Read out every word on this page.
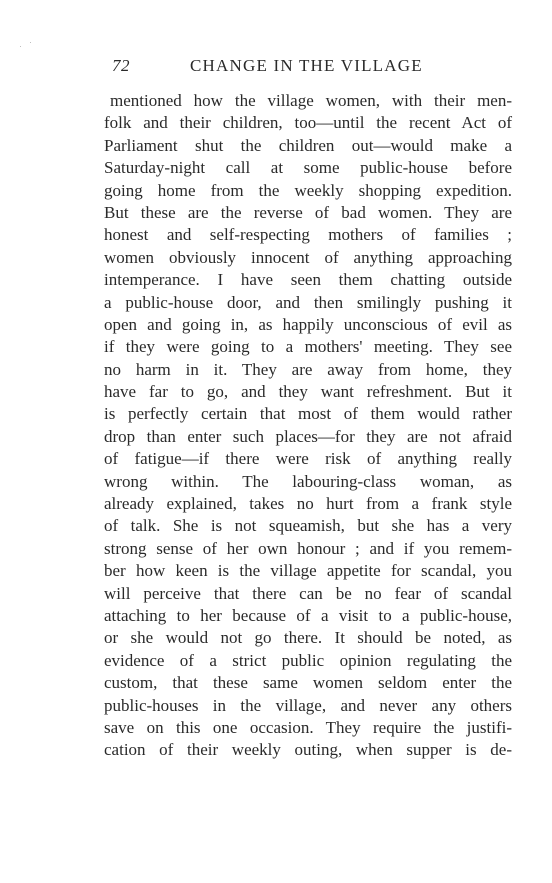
72	CHANGE IN THE VILLAGE
mentioned how the village women, with their men-
folk and their children, too—until the recent Act of
Parliament shut the children out—would make a
Saturday-night call at some public-house before
going home from the weekly shopping expedition.
But these are the reverse of bad women. They are
honest and self-respecting mothers of families ;
women obviously innocent of anything approaching
intemperance. I have seen them chatting outside
a public-house door, and then smilingly pushing it
open and going in, as happily unconscious of evil as
if they were going to a mothers' meeting. They see
no harm in it. They are away from home, they
have far to go, and they want refreshment. But it
is perfectly certain that most of them would rather
drop than enter such places—for they are not afraid
of fatigue—if there were risk of anything really
wrong within. The labouring-class woman, as
already explained, takes no hurt from a frank style
of talk. She is not squeamish, but she has a very
strong sense of her own honour ; and if you remem-
ber how keen is the village appetite for scandal, you
will perceive that there can be no fear of scandal
attaching to her because of a visit to a public-house,
or she would not go there. It should be noted, as
evidence of a strict public opinion regulating the
custom, that these same women seldom enter the
public-houses in the village, and never any others
save on this one occasion. They require the justifi-
cation of their weekly outing, when supper is de-
